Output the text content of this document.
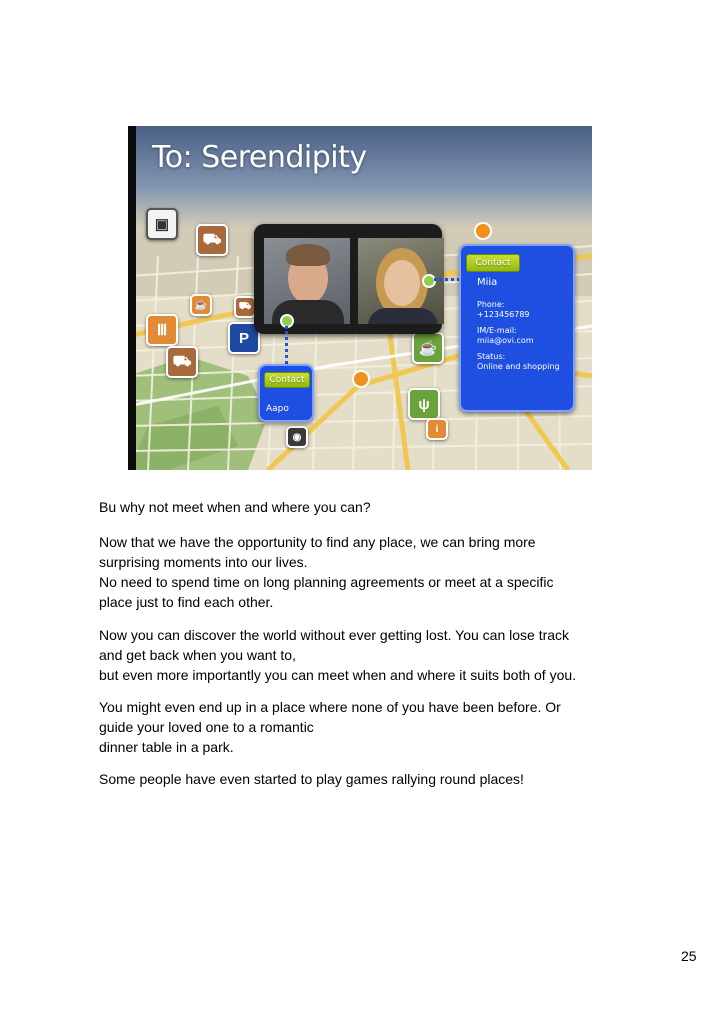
To: Serendipity
▣
⛟
☕	⛟
Ⅲ	P
⛟
◉
☕
ψ
i
Contact
Miia
Phone:
+123456789
IM/E-mail:
miia@ovi.com
Status:
Online and shopping
Contact
Aapo
Bu why not meet when and where you can?
Now that we have the opportunity to find any place, we can bring more
surprising moments into our lives.
No need to spend time on long planning agreements or meet at a specific
place just to find each other.
Now you can discover the world without ever getting lost. You can lose track
and get back when you want to,
but even more importantly you can meet when and where it suits both of you.
You might even end up in a place where none of you have been before. Or
guide your loved one to a romantic
dinner table in a park.
Some people have even started to play games rallying round places!
25
